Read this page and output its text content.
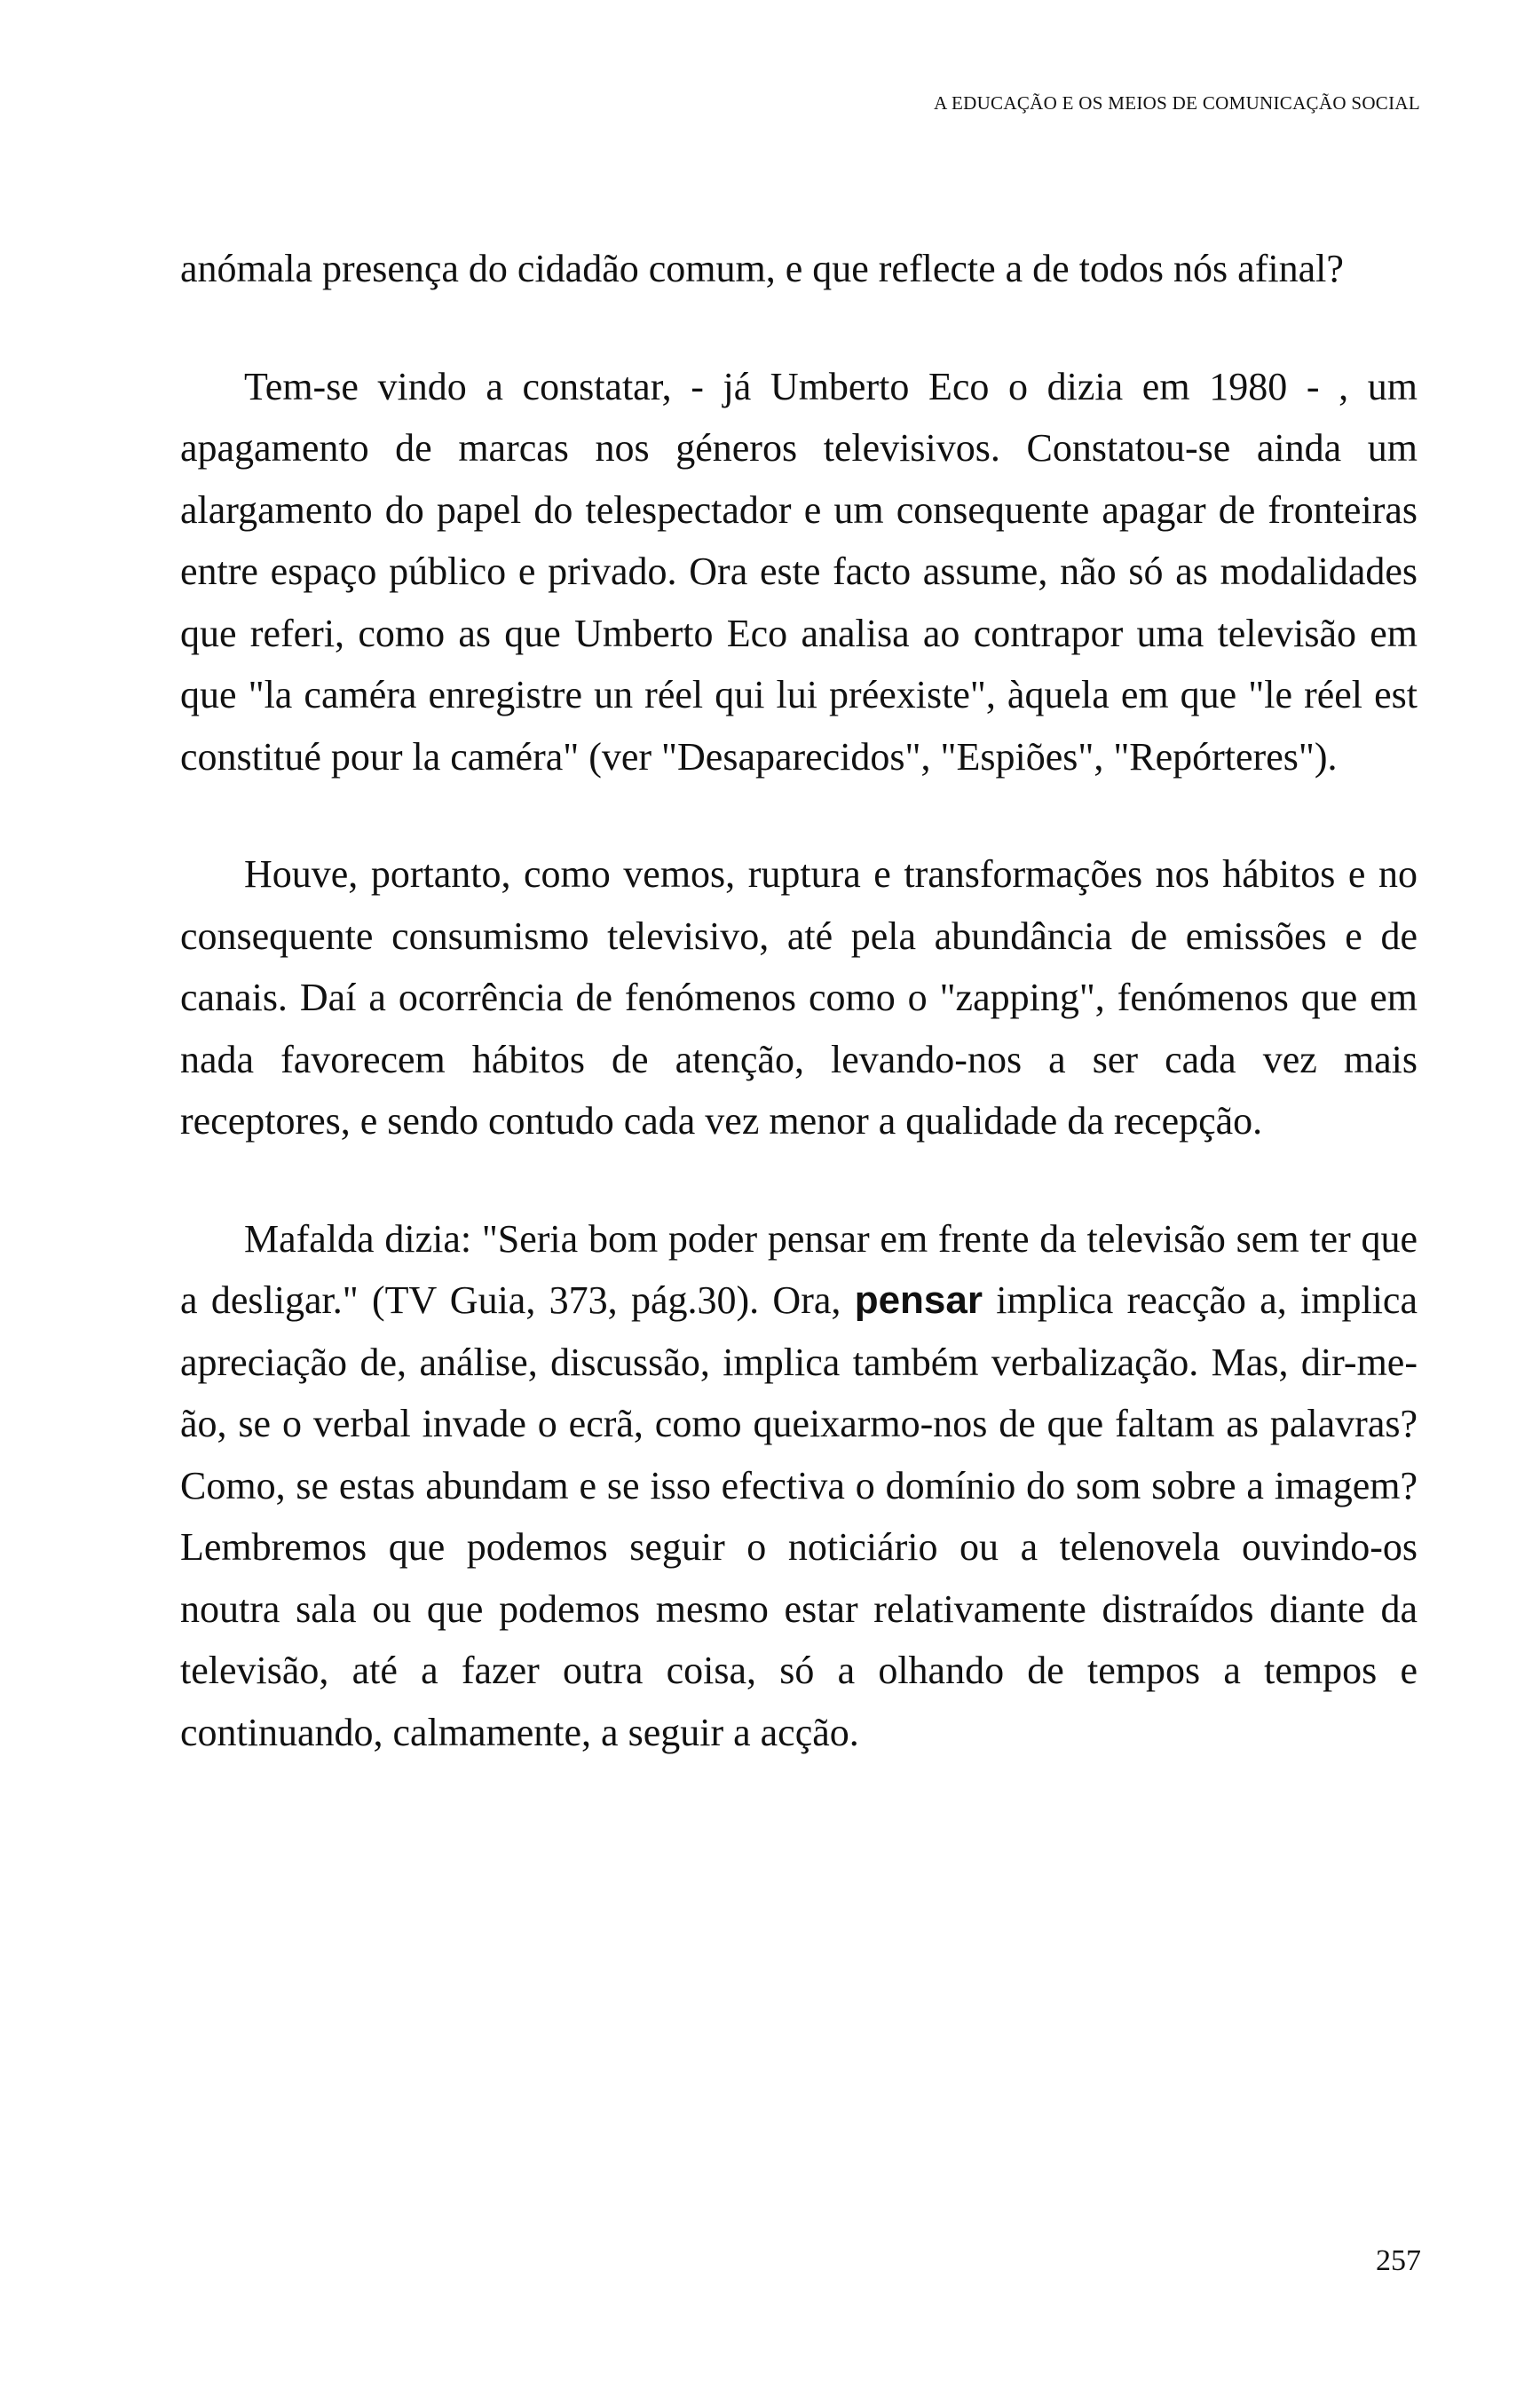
A EDUCAÇÃO E OS MEIOS DE COMUNICAÇÃO SOCIAL

anómala presença do cidadão comum, e que reflecte a de todos nós afinal?

Tem-se vindo a constatar, - já Umberto Eco o dizia em 1980 - , um apagamento de marcas nos géneros televisivos. Constatou-se ainda um alargamento do papel do telespectador e um consequente apagar de fronteiras entre espaço público e privado. Ora este facto assume, não só as modalidades que referi, como as que Umberto Eco analisa ao contrapor uma televisão em que "la caméra enregistre un réel qui lui préexiste", àquela em que "le réel est constitué pour la caméra" (ver "Desaparecidos", "Espiões", "Repórteres").

Houve, portanto, como vemos, ruptura e transformações nos hábitos e no consequente consumismo televisivo, até pela abundância de emissões e de canais. Daí a ocorrência de fenómenos como o "zapping", fenómenos que em nada favorecem hábitos de atenção, levando-nos a ser cada vez mais receptores, e sendo contudo cada vez menor a qualidade da recepção.

Mafalda dizia: "Seria bom poder pensar em frente da televisão sem ter que a desligar." (TV Guia, 373, pág.30). Ora, pensar implica reacção a, implica apreciação de, análise, discussão, implica também verbalização. Mas, dir-me-ão, se o verbal invade o ecrã, como queixarmo-nos de que faltam as palavras? Como, se estas abundam e se isso efectiva o domínio do som sobre a imagem? Lembremos que podemos seguir o noticiário ou a telenovela ouvindo-os noutra sala ou que podemos mesmo estar relativamente distraídos diante da televisão, até a fazer outra coisa, só a olhando de tempos a tempos e continuando, calmamente, a seguir a acção.

257
